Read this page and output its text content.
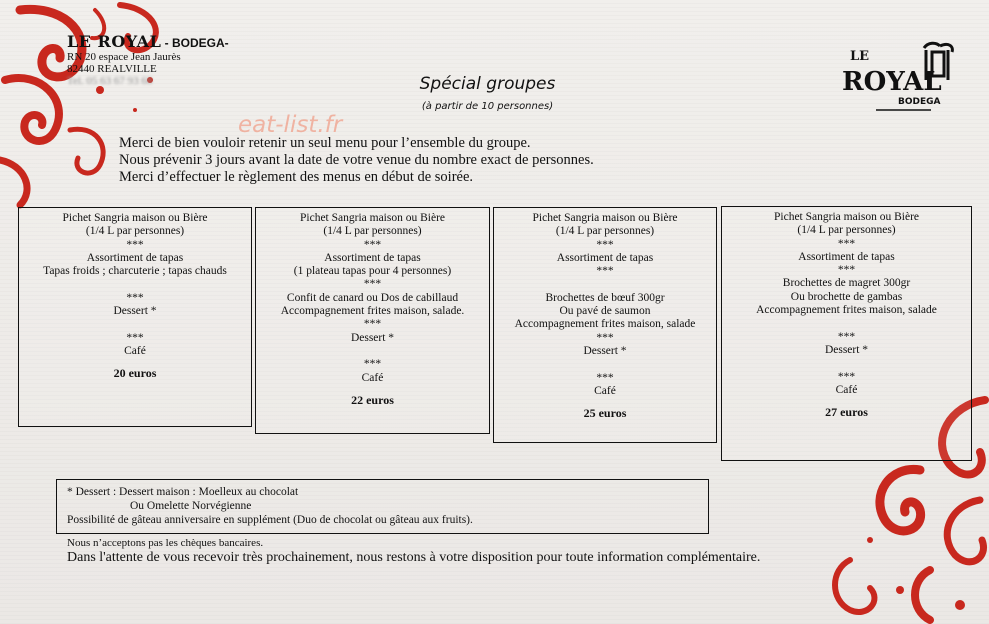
LE ROYAL - BODEGA-
RN 20 espace Jean Jaurès
82440 REALVILLE
Tel. 05 63 67 93 68
eat-list.fr
Spécial groupes
(à partir de 10 personnes)
Merci de bien vouloir retenir un seul menu pour l’ensemble du groupe.
Nous prévenir 3 jours avant la date de votre venue du nombre exact de personnes.
Merci d’effectuer le règlement des menus en début de soirée.
LE
ROYAL
BODEGA
Pichet Sangria maison ou Bière
(1/4 L par personnes)
***
Assortiment de tapas
Tapas froids ; charcuterie ; tapas chauds
***
Dessert *
***
Café
20 euros
Pichet Sangria maison ou Bière
(1/4 L par personnes)
***
Assortiment de tapas
(1 plateau tapas pour 4 personnes)
***
Confit de canard ou Dos de cabillaud
Accompagnement frites maison, salade.
***
Dessert *
***
Café
22 euros
Pichet Sangria maison ou Bière
(1/4 L par personnes)
***
Assortiment de tapas
***
Brochettes de bœuf 300gr
Ou pavé de saumon
Accompagnement frites maison, salade
***
Dessert *
***
Café
25 euros
Pichet Sangria maison ou Bière
(1/4 L par personnes)
***
Assortiment de tapas
***
Brochettes de magret 300gr
Ou brochette de gambas
Accompagnement frites maison, salade
***
Dessert *
***
Café
27 euros
* Dessert : Dessert maison : Moelleux au chocolat
Ou Omelette Norvégienne
Possibilité de gâteau anniversaire en supplément (Duo de chocolat ou gâteau aux fruits).
Nous n’acceptons pas les chèques bancaires.
Dans l'attente de vous recevoir très prochainement, nous restons à votre disposition pour toute information complémentaire.
